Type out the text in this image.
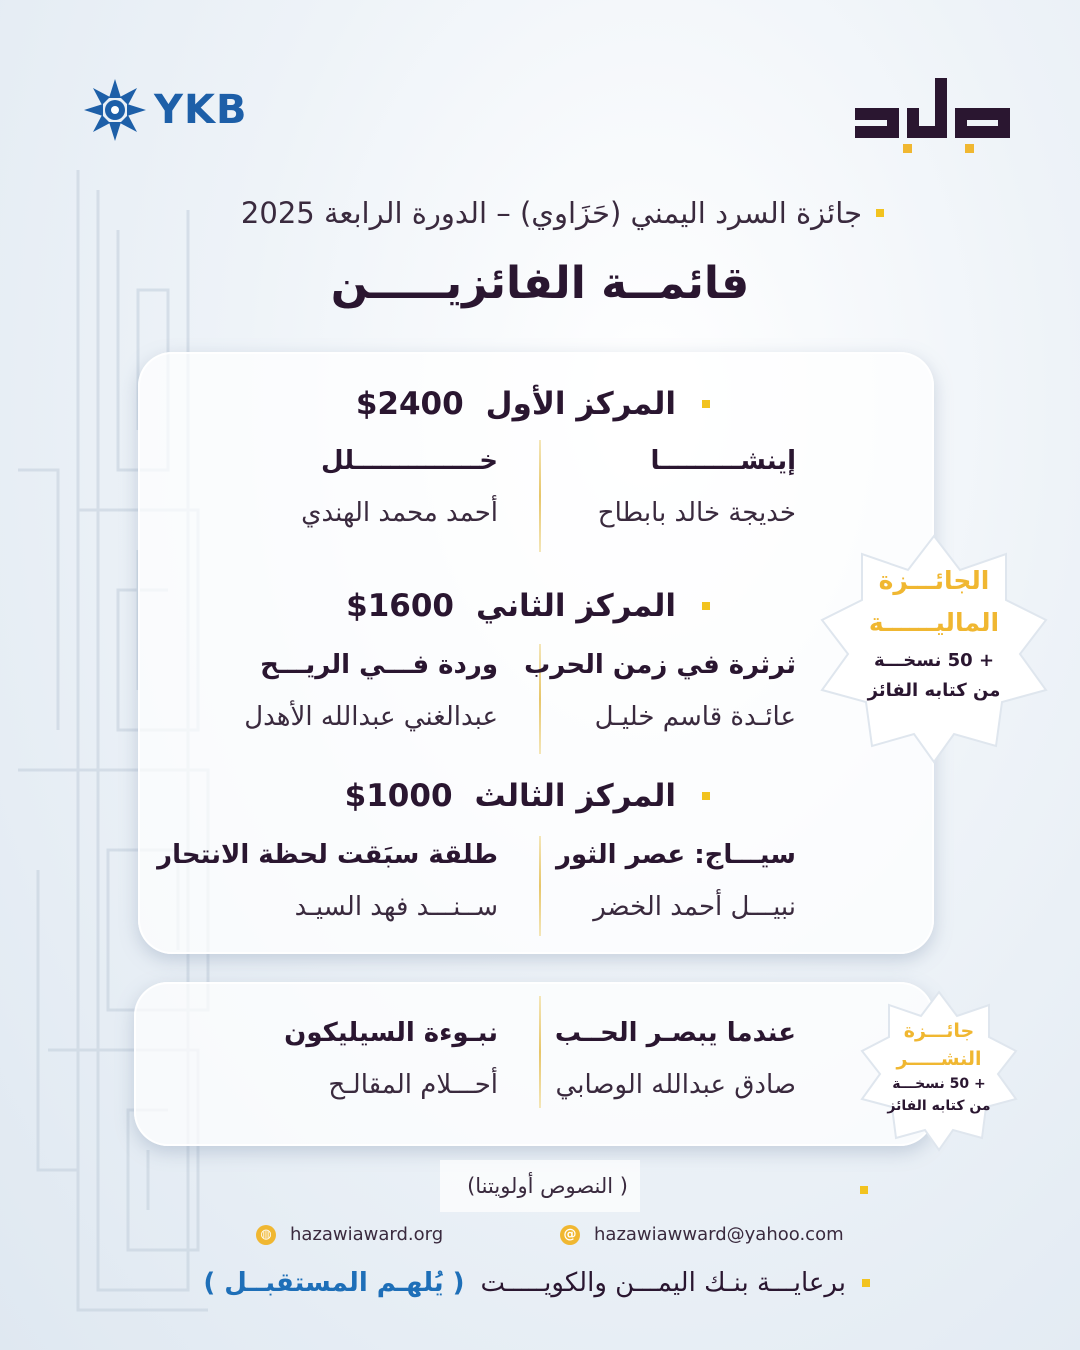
YKB
جائزة السرد اليمني (حَزَاوي) – الدورة الرابعة 2025
قائمــة الفائزيـــــن
المركز الأول
$2400
إينشـــــــــا
خديجة خالد بابطاح
خــــــــــــــلل
أحمد محمد الهندي
المركز الثاني
$1600
ثرثرة في زمن الحرب
عائـدة قاسم خليـل
وردة فـــي الريـــح
عبدالغني عبدالله الأهدل
المركز الثالث
$1000
سيـــاج: عصر الثور
نبيـــل أحمد الخضر
طلقة سبَقت لحظة الانتحار
ســنـــد فهد السيـد
عندما يبصـر الحــب
صادق عبدالله الوصابي
نبـوءة السيليكون
أحـــلام المقالـح
الجائـــزة
الماليــــــة
+ 50 نسخـــة
من كتابه الفائز
جائـــزة
النشـــــر
+ 50 نسخـــة
من كتابه الفائز
( النصوص أولويتنا)
◍ hazawiaward.org	@ hazawiawward@yahoo.com
برعايـــة بنـك اليمـــن والكويـــــت
( يُلهـم المستقبــل )
